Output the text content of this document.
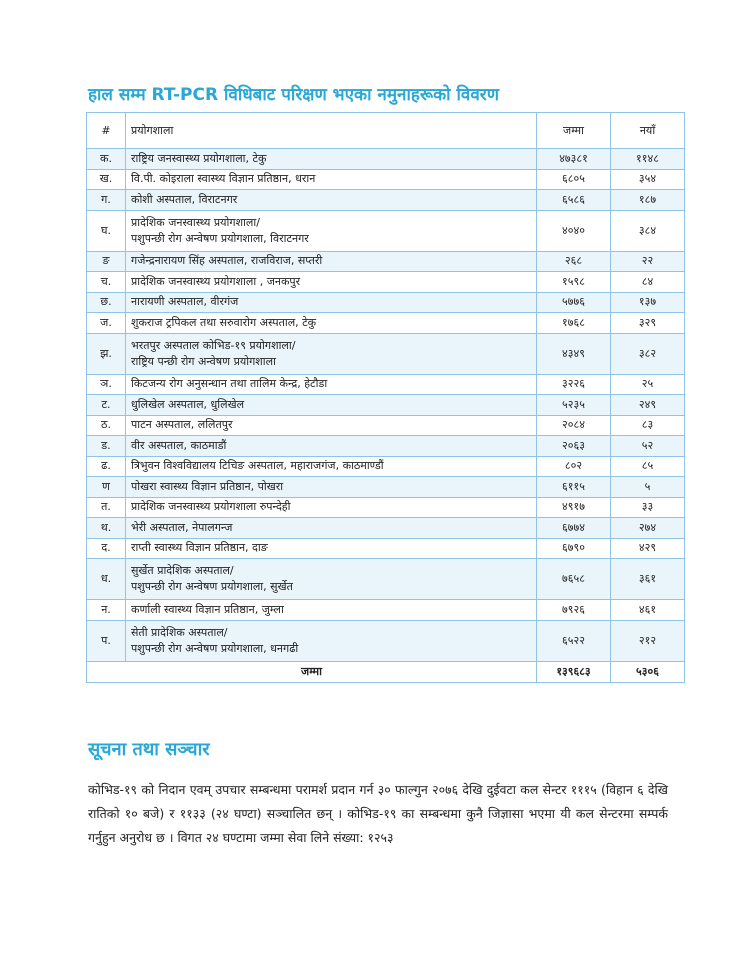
हाल सम्म RT-PCR विधिबाट परिक्षण भएका नमुनाहरूको विवरण
#	प्रयोगशाला	जम्मा	नयाँ
क.	राष्ट्रिय जनस्वास्थ्य प्रयोगशाला, टेकु	४७३८१	११४८
ख.	वि.पी. कोइराला स्वास्थ्य विज्ञान प्रतिष्ठान, धरान	६८०५	३५४
ग.	कोशी अस्पताल, विराटनगर	६५८६	१८७
घ.	प्रादेशिक जनस्वास्थ्य प्रयोगशाला/
पशुपन्छी रोग अन्वेषण प्रयोगशाला, विराटनगर	४०४०	३८४
ङ	गजेन्द्रनारायण सिंह अस्पताल, राजविराज, सप्तरी	२६८	२२
च.	प्रादेशिक जनस्वास्थ्य प्रयोगशाला , जनकपुर	१५९८	८४
छ.	नारायणी अस्पताल, वीरगंज	५७७६	१३७
ज.	शुकराज ट्रपिकल तथा सरुवारोग अस्पताल, टेकु	१७६८	३२९
झ.	भरतपुर अस्पताल कोभिड-१९ प्रयोगशाला/
राष्ट्रिय पन्छी रोग अन्वेषण प्रयोगशाला	४३४९	३८२
ञ.	किटजन्य रोग अनुसन्धान तथा तालिम केन्द्र, हेटौडा	३२२६	२५
ट.	धुलिखेल अस्पताल, धुलिखेल	५२३५	२४९
ठ.	पाटन अस्पताल, ललितपुर	२०८४	८३
ड.	वीर अस्पताल, काठमाडौं	२०६३	५२
ढ.	त्रिभुवन विश्वविद्यालय टिचिङ अस्पताल, महाराजगंज, काठमाण्डौं	८०२	८५
ण	पोखरा स्वास्थ्य विज्ञान प्रतिष्ठान, पोखरा	६११५	५
त.	प्रादेशिक जनस्वास्थ्य प्रयोगशाला रुपन्देही	४९१७	३३
थ.	भेरी अस्पताल, नेपालगन्ज	६७७४	२७४
द.	राप्ती स्वास्थ्य विज्ञान प्रतिष्ठान, दाङ	६७९०	४२९
ध.	सुर्खेत प्रादेशिक अस्पताल/
पशुपन्छी रोग अन्वेषण प्रयोगशाला, सुर्खेत	७६५८	३६१
न.	कर्णाली स्वास्थ्य विज्ञान प्रतिष्ठान, जुम्ला	७९२६	४६१
प.	सेती प्रादेशिक अस्पताल/
पशुपन्छी रोग अन्वेषण प्रयोगशाला, धनगढी	६५२२	२१२
जम्मा		१३९६८३	५३०६
सूचना तथा सञ्चार
कोभिड-१९ को निदान एवम् उपचार सम्बन्धमा परामर्श प्रदान गर्न ३० फाल्गुन २०७६ देखि दुईवटा कल सेन्टर १११५ (विहान ६ देखि रातिको १० बजे) र ११३३ (२४ घण्टा) सञ्चालित छन् । कोभिड-१९ का सम्बन्धमा कुनै जिज्ञासा भएमा यी कल सेन्टरमा सम्पर्क गर्नुहुन अनुरोध छ । विगत २४ घण्टामा जम्मा सेवा लिने संख्या: १२५३
